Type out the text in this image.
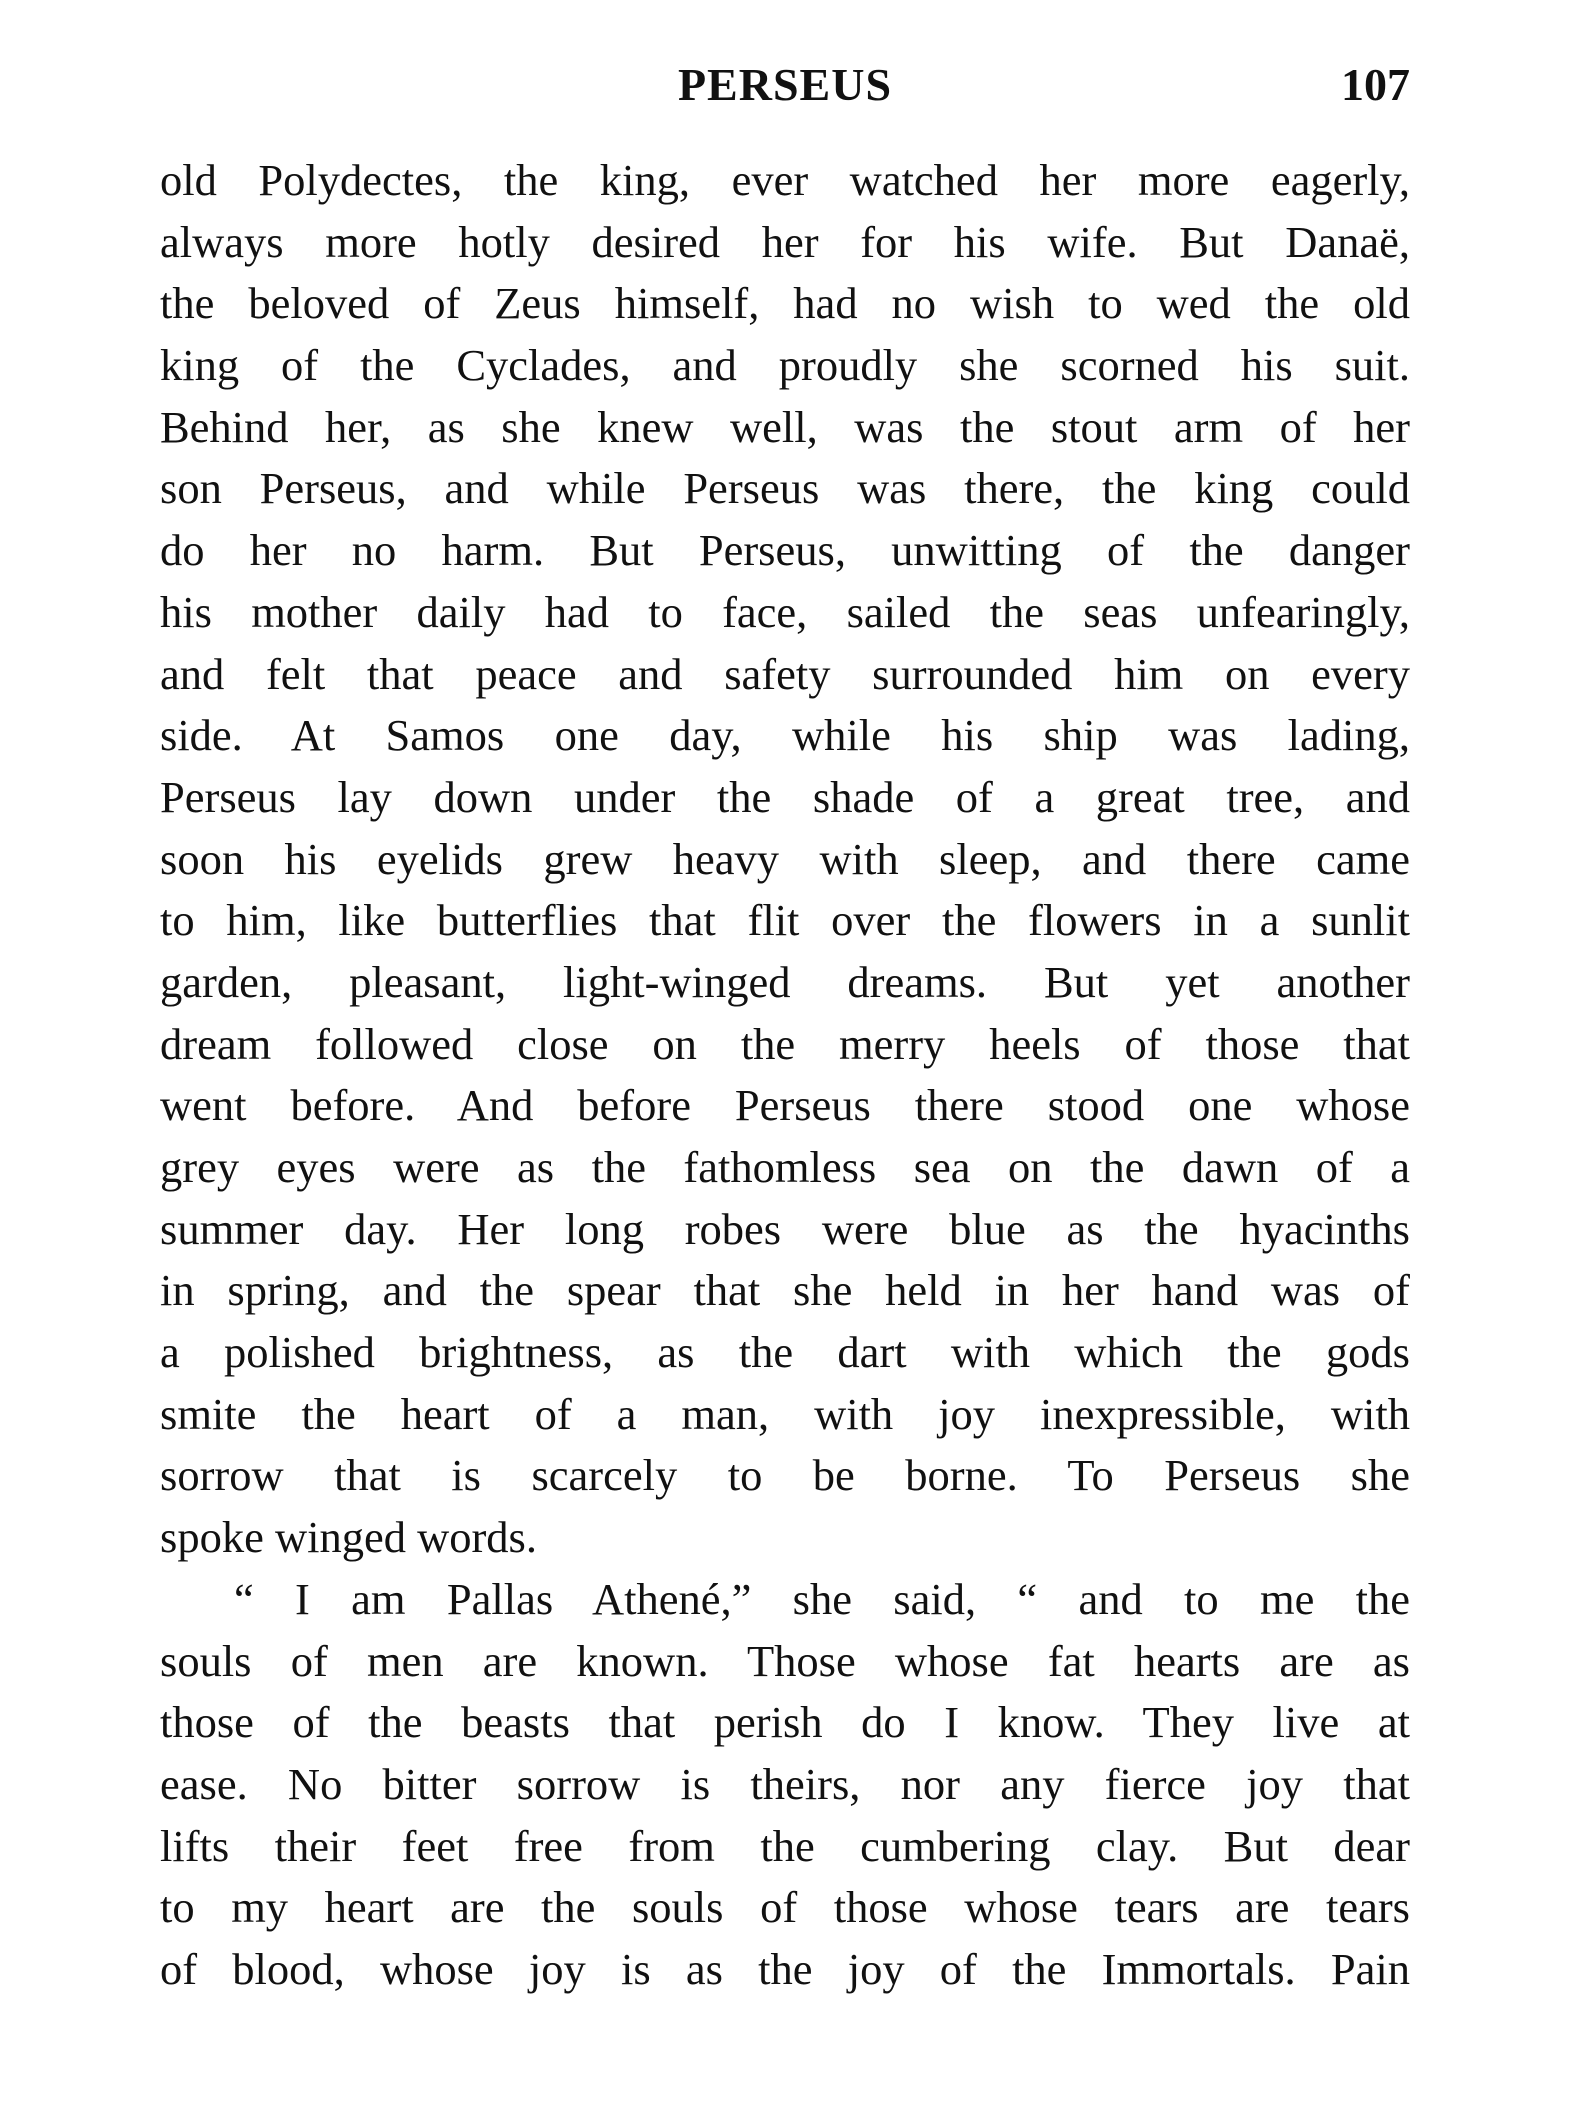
PERSEUS	107
old Polydectes, the king, ever watched her more eagerly,
always more hotly desired her for his wife. But Danaë,
the beloved of Zeus himself, had no wish to wed the old
king of the Cyclades, and proudly she scorned his suit.
Behind her, as she knew well, was the stout arm of her
son Perseus, and while Perseus was there, the king could
do her no harm. But Perseus, unwitting of the danger
his mother daily had to face, sailed the seas unfearingly,
and felt that peace and safety surrounded him on every
side. At Samos one day, while his ship was lading,
Perseus lay down under the shade of a great tree, and
soon his eyelids grew heavy with sleep, and there came
to him, like butterflies that flit over the flowers in a sunlit
garden, pleasant, light-winged dreams. But yet another
dream followed close on the merry heels of those that
went before. And before Perseus there stood one whose
grey eyes were as the fathomless sea on the dawn of a
summer day. Her long robes were blue as the hyacinths
in spring, and the spear that she held in her hand was of
a polished brightness, as the dart with which the gods
smite the heart of a man, with joy inexpressible, with
sorrow that is scarcely to be borne. To Perseus she
spoke winged words.
“ I am Pallas Athené,” she said, “ and to me the
souls of men are known. Those whose fat hearts are as
those of the beasts that perish do I know. They live at
ease. No bitter sorrow is theirs, nor any fierce joy that
lifts their feet free from the cumbering clay. But dear
to my heart are the souls of those whose tears are tears
of blood, whose joy is as the joy of the Immortals. Pain
